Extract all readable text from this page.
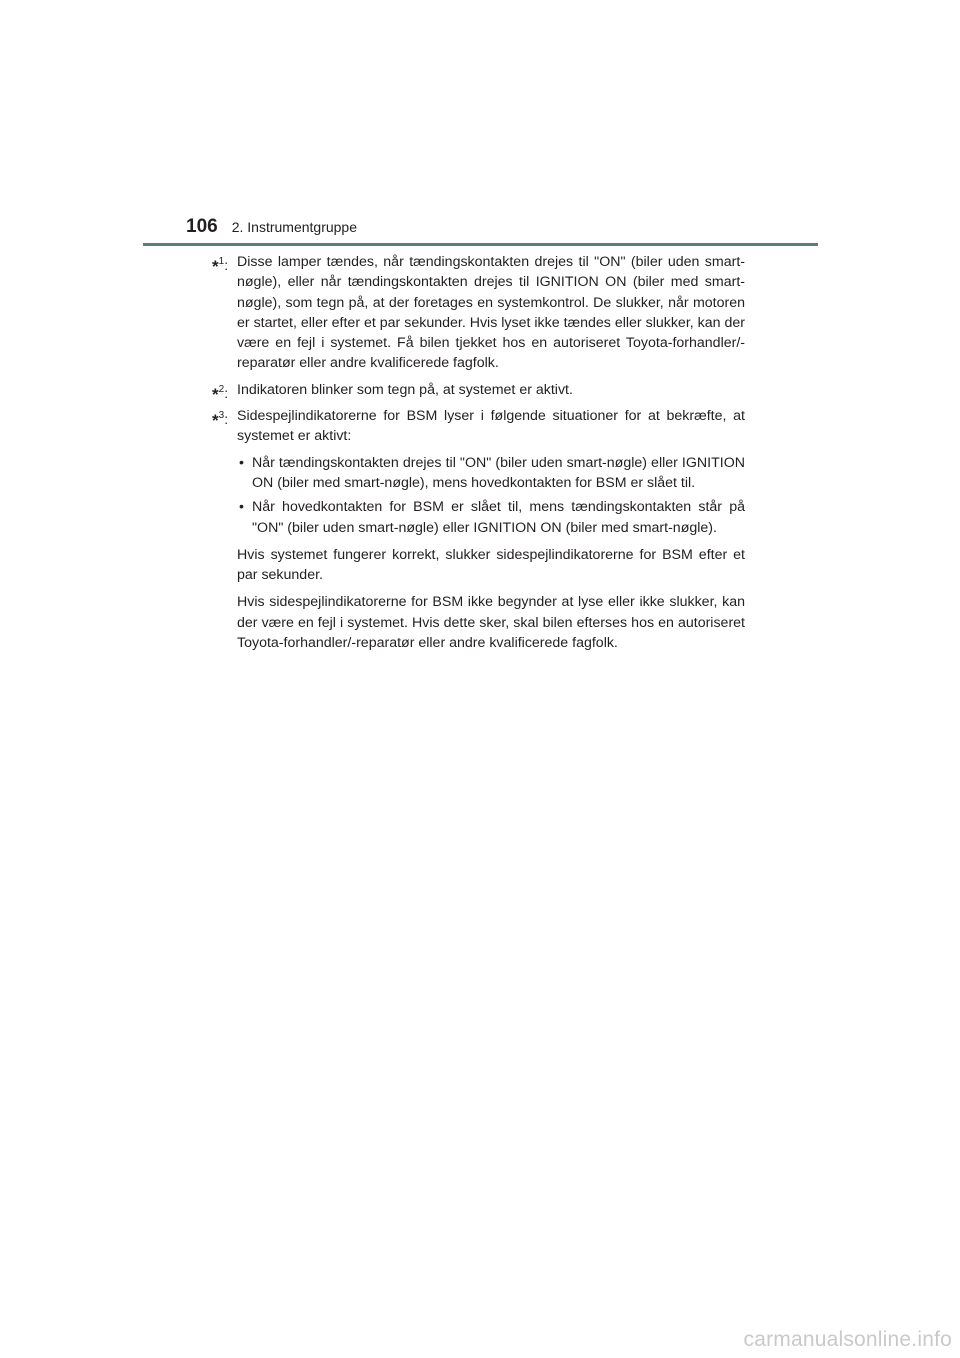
106 2. Instrumentgruppe
*$^1$: Disse lamper tændes, når tændingskontakten drejes til "ON" (biler uden smart-nøgle), eller når tændingskontakten drejes til IGNITION ON (biler med smart-nøgle), som tegn på, at der foretages en systemkontrol. De slukker, når motoren er startet, eller efter et par sekunder. Hvis lyset ikke tændes eller slukker, kan der være en fejl i systemet. Få bilen tjekket hos en autoriseret Toyota-forhandler/-reparatør eller andre kvalificerede fagfolk.
*$^2$: Indikatoren blinker som tegn på, at systemet er aktivt.
*$^3$: Sidespejlindikatorerne for BSM lyser i følgende situationer for at bekræfte, at systemet er aktivt:
• Når tændingskontakten drejes til "ON" (biler uden smart-nøgle) eller IGNITION ON (biler med smart-nøgle), mens hovedkontakten for BSM er slået til.
• Når hovedkontakten for BSM er slået til, mens tændingskontakten står på "ON" (biler uden smart-nøgle) eller IGNITION ON (biler med smart-nøgle).
Hvis systemet fungerer korrekt, slukker sidespejlindikatorerne for BSM efter et par sekunder.
Hvis sidespejlindikatorerne for BSM ikke begynder at lyse eller ikke slukker, kan der være en fejl i systemet. Hvis dette sker, skal bilen efterses hos en autoriseret Toyota-forhandler/-reparatør eller andre kvalificerede fagfolk.
carmanualsonline.info
